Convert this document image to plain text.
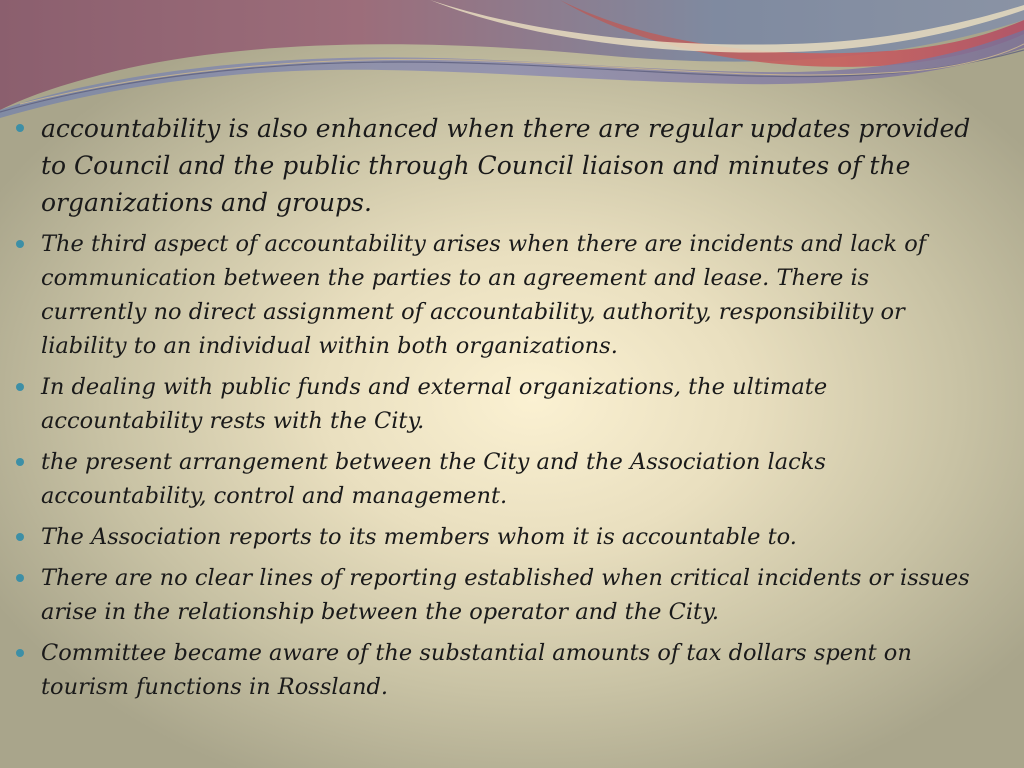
accountability is also enhanced when there are regular updates provided to Council and the public through Council liaison and minutes of the organizations and groups.
The third aspect of accountability arises when there are incidents and lack of communication between the parties to an agreement and lease. There is currently no direct assignment of accountability, authority, responsibility or liability to an individual within both organizations.
In dealing with public funds and external organizations, the ultimate accountability rests with the City.
the present arrangement between the City and the Association lacks accountability, control and management.
The Association reports to its members whom it is accountable to.
There are no clear lines of reporting established when critical incidents or issues arise in the relationship between the operator and the City.
Committee became aware of the substantial amounts of tax dollars spent on tourism functions in Rossland.
